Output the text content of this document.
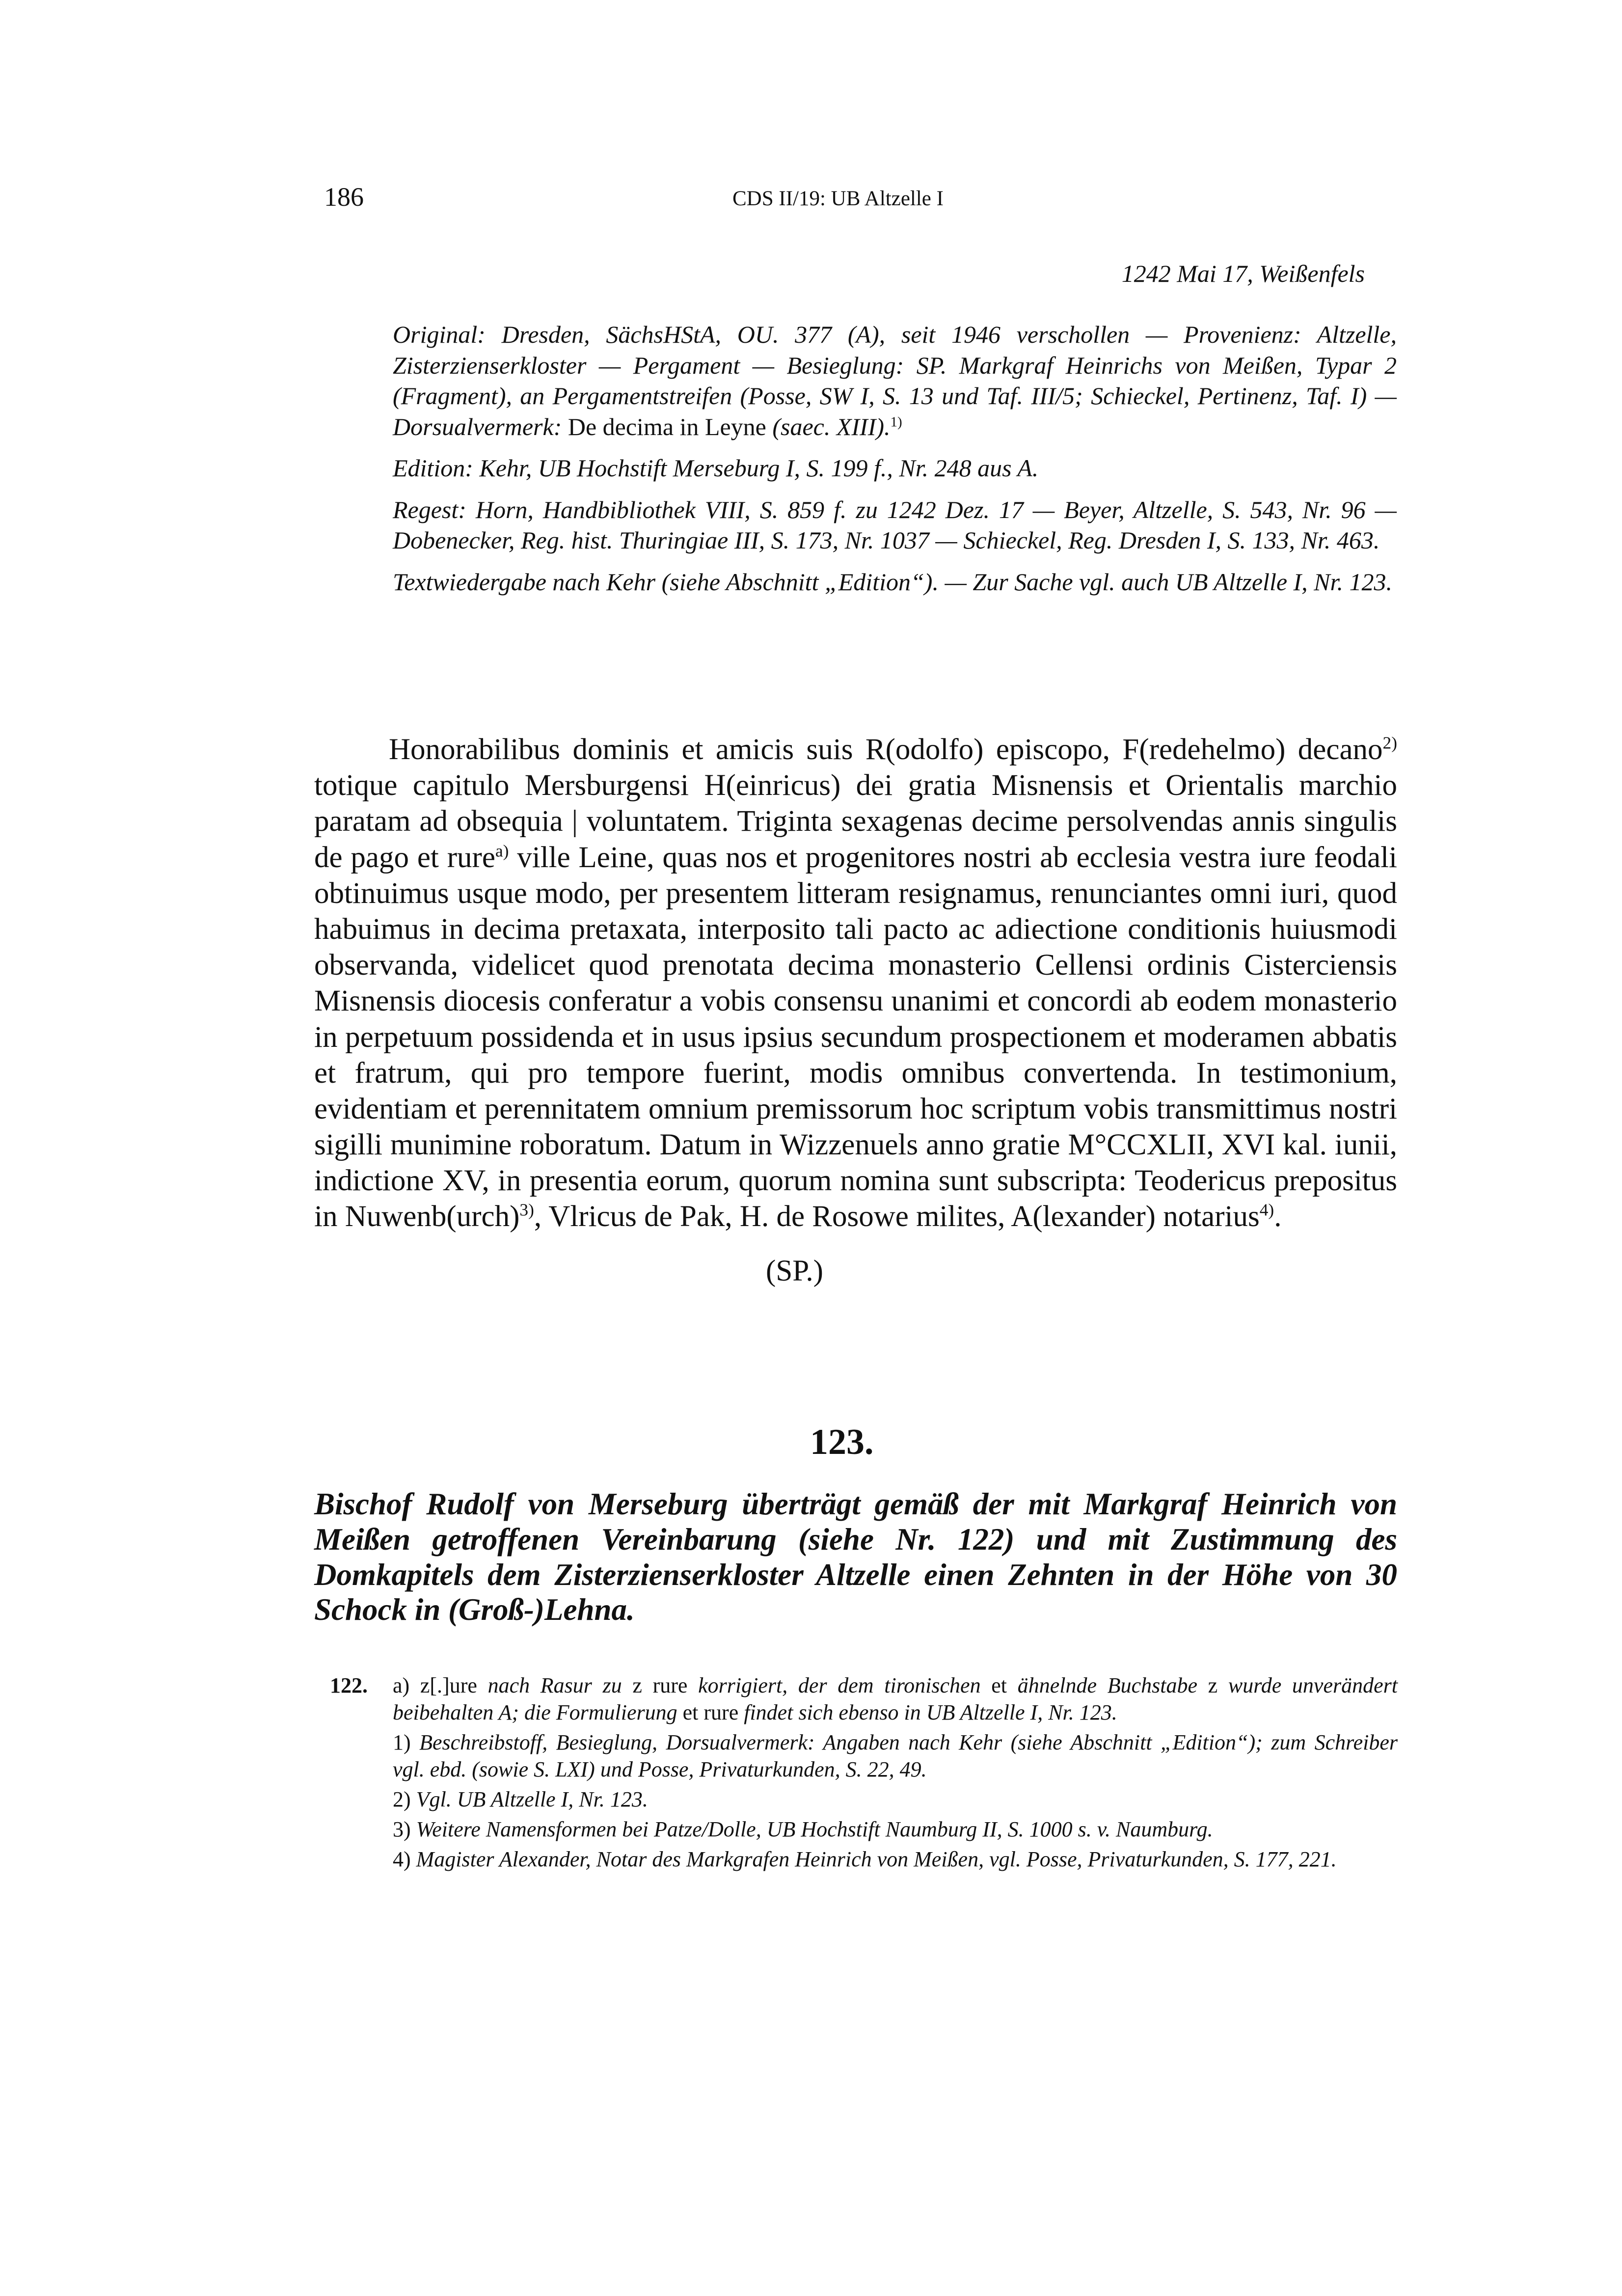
186	CDS II/19: UB Altzelle I
1242 Mai 17, Weißenfels

Original: Dresden, SächsHStA, OU. 377 (A), seit 1946 verschollen — Provenienz: Altzelle, Zisterzienserkloster — Pergament — Besieglung: SP. Markgraf Heinrichs von Meißen, Typar 2 (Fragment), an Pergamentstreifen (Posse, SW I, S. 13 und Taf. III/5; Schieckel, Pertinenz, Taf. I) — Dorsualvermerk: De decima in Leyne (saec. XIII).$^{1)}$

Edition: Kehr, UB Hochstift Merseburg I, S. 199 f., Nr. 248 aus A.

Regest: Horn, Handbibliothek VIII, S. 859 f. zu 1242 Dez. 17 — Beyer, Altzelle, S. 543, Nr. 96 — Dobenecker, Reg. hist. Thuringiae III, S. 173, Nr. 1037 — Schieckel, Reg. Dresden I, S. 133, Nr. 463.

Textwiedergabe nach Kehr (siehe Abschnitt „Edition“). — Zur Sache vgl. auch UB Altzelle I, Nr. 123.

Honorabilibus dominis et amicis suis R(odolfo) episcopo, F(redehelmo) decano$^{2)}$ totique capitulo Mersburgensi H(einricus) dei gratia Misnensis et Orientalis marchio paratam ad obsequia | voluntatem. Triginta sexagenas decime persolvendas annis singulis de pago et rure$^{a)}$ ville Leine, quas nos et progenitores nostri ab ecclesia vestra iure feodali obtinuimus usque modo, per presentem litteram resignamus, renunciantes omni iuri, quod habuimus in decima pretaxata, interposito tali pacto ac adiectione conditionis huiusmodi observanda, videlicet quod prenotata decima monasterio Cellensi ordinis Cisterciensis Misnensis diocesis conferatur a vobis consensu unanimi et concordi ab eodem monasterio in perpetuum possidenda et in usus ipsius secundum prospectionem et moderamen abbatis et fratrum, qui pro tempore fuerint, modis omnibus convertenda. In testimonium, evidentiam et perennitatem omnium premissorum hoc scriptum vobis transmittimus nostri sigilli munimine roboratum. Datum in Wizzenuels anno gratie M°CCXLII, XVI kal. iunii, indictione XV, in presentia eorum, quorum nomina sunt subscripta: Teodericus prepositus in Nuwenb(urch)$^{3)}$, Vlricus de Pak, H. de Rosowe milites, A(lexander) notarius$^{4)}$.

(SP.)
123.
Bischof Rudolf von Merseburg überträgt gemäß der mit Markgraf Heinrich von Meißen getroffenen Vereinbarung (siehe Nr. 122) und mit Zustimmung des Domkapitels dem Zisterzienserkloster Altzelle einen Zehnten in der Höhe von 30 Schock in (Groß-)Lehna.
122.	a) z[.]ure nach Rasur zu z rure korrigiert, der dem tironischen et ähnelnde Buchstabe z wurde unverändert beibehalten A; die Formulierung et rure findet sich ebenso in UB Altzelle I, Nr. 123.

1) Beschreibstoff, Besieglung, Dorsualvermerk: Angaben nach Kehr (siehe Abschnitt „Edition“); zum Schreiber vgl. ebd. (sowie S. LXI) und Posse, Privaturkunden, S. 22, 49.

2) Vgl. UB Altzelle I, Nr. 123.

3) Weitere Namensformen bei Patze/Dolle, UB Hochstift Naumburg II, S. 1000 s. v. Naumburg.

4) Magister Alexander, Notar des Markgrafen Heinrich von Meißen, vgl. Posse, Privaturkunden, S. 177, 221.
